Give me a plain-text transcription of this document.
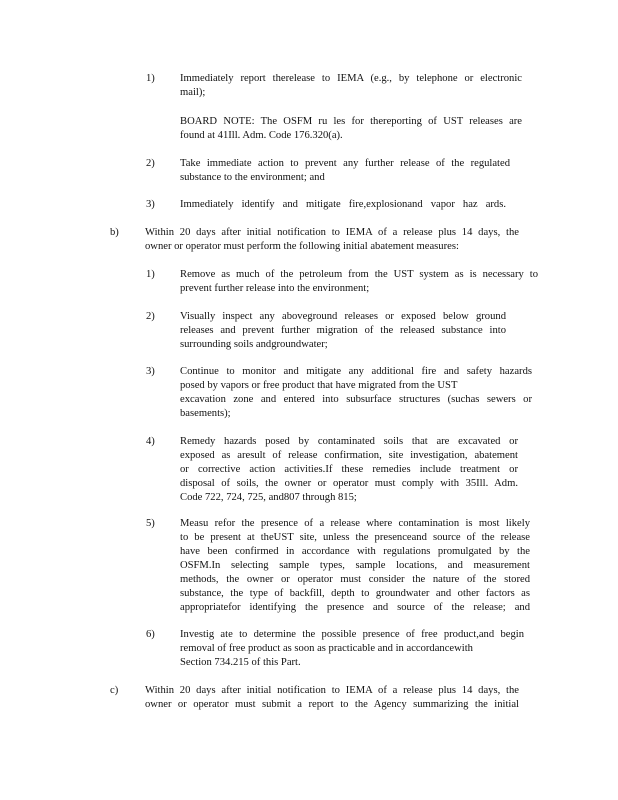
1) Immediately report therelease to IEMA (e.g., by telephone or electronic
mail);
BOARD NOTE: The OSFM ru les for thereporting of UST releases are
found at 41Ill. Adm. Code 176.320(a).
2) Take immediate action to prevent any further release of the regulated
substance to the environment; and
3) Immediately identify and mitigate fire,explosionand vapor haz ards.
b) Within 20 days after initial notification to IEMA of a release plus 14 days, the
owner or operator must perform the following initial abatement measures:
1) Remove as much of the petroleum from the UST system as is necessary to
prevent further release into the environment;
2) Visually inspect any aboveground releases or exposed below ground
releases and prevent further migration of the released substance into
surrounding soils andgroundwater;
3) Continue to monitor and mitigate any additional fire and safety hazards
posed by vapors or free product that have migrated from the UST
excavation zone and entered into subsurface structures (suchas sewers or
basements);
4) Remedy hazards posed by contaminated soils that are excavated or
exposed as aresult of release confirmation, site investigation, abatement
or corrective action activities.If these remedies include treatment or
disposal of soils, the owner or operator must comply with 35Ill. Adm.
Code 722, 724, 725, and807 through 815;
5) Measu refor the presence of a release where contamination is most likely
to be present at theUST site, unless the presenceand source of the release
have been confirmed in accordance with regulations promulgated by the
OSFM.In selecting sample types, sample locations, and measurement
methods, the owner or operator must consider the nature of the stored
substance, the type of backfill, depth to groundwater and other factors as
appropriatefor identifying the presence and source of the release; and
6) Investig ate to determine the possible presence of free product,and begin
removal of free product as soon as practicable and in accordancewith
Section 734.215 of this Part.
c)	Within 20 days after initial notification to IEMA of a release plus 14 days, the
owner or operator must submit a report to the Agency summarizing the initial
